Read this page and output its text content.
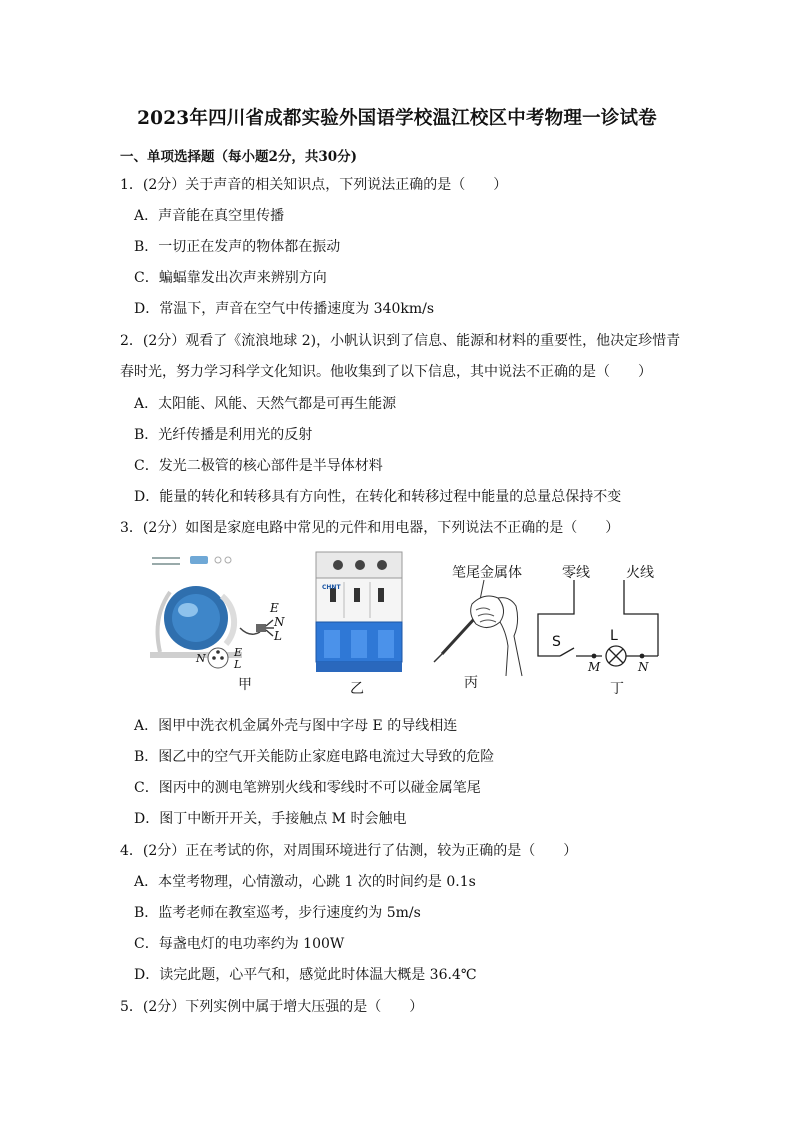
2023年四川省成都实验外国语学校温江校区中考物理一诊试卷
一、单项选择题（每小题2分，共30分)
1．(2分）关于声音的相关知识点，下列说法正确的是（　　）
A．声音能在真空里传播
B．一切正在发声的物体都在振动
C．蝙蝠靠发出次声来辨别方向
D．常温下，声音在空气中传播速度为 340km/s
2．(2分）观看了《流浪地球 2)，小帆认识到了信息、能源和材料的重要性，他决定珍惜青
春时光，努力学习科学文化知识。他收集到了以下信息，其中说法不正确的是（　　）
A．太阳能、风能、天然气都是可再生能源
B．光纤传播是利用光的反射
C．发光二极管的核心部件是半导体材料
D．能量的转化和转移具有方向性，在转化和转移过程中能量的总量总保持不变
3．(2分）如图是家庭电路中常见的元件和用电器，下列说法不正确的是（　　）
E
N
L
N	E
L
甲
CHNT
乙
笔尾金属体
丙
零线	火线
S	L
M	N
丁
A．图甲中洗衣机金属外壳与图中字母 E 的导线相连
B．图乙中的空气开关能防止家庭电路电流过大导致的危险
C．图丙中的测电笔辨别火线和零线时不可以碰金属笔尾
D．图丁中断开开关，手接触点 M 时会触电
4．(2分）正在考试的你，对周围环境进行了估测，较为正确的是（　　）
A．本堂考物理，心情激动，心跳 1 次的时间约是 0.1s
B．监考老师在教室巡考，步行速度约为 5m/s
C．每盏电灯的电功率约为 100W
D．读完此题，心平气和，感觉此时体温大概是 36.4℃
5．(2分）下列实例中属于增大压强的是（　　）
